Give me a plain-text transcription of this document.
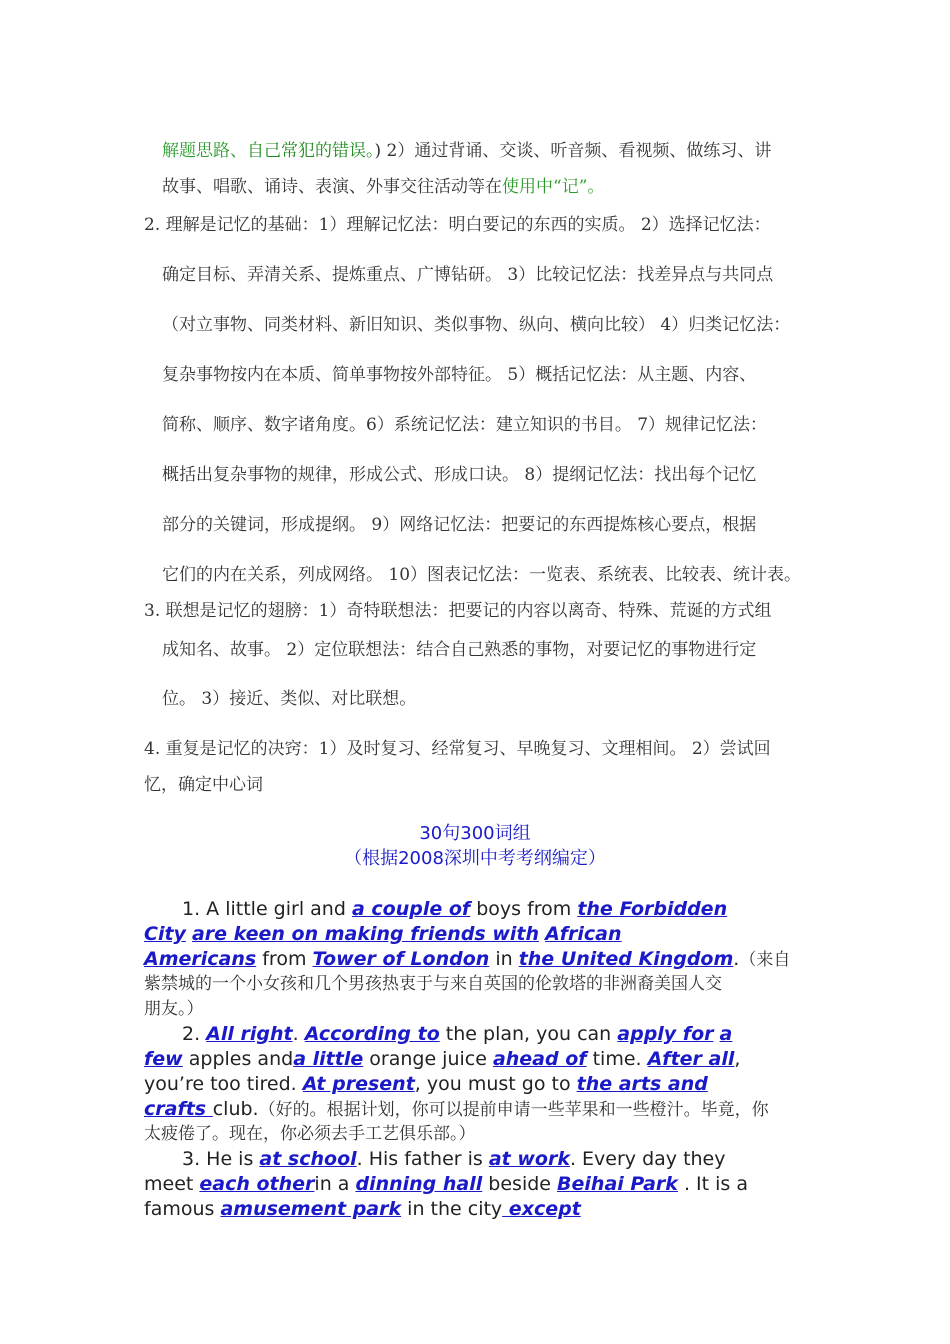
解题思路、自己常犯的错误。) 2）通过背诵、交谈、听音频、看视频、做练习、讲
故事、唱歌、诵诗、表演、外事交往活动等在使用中“记”。
2. 理解是记忆的基础：1）理解记忆法：明白要记的东西的实质。 2）选择记忆法：
确定目标、弄清关系、提炼重点、广博钻研。 3）比较记忆法：找差异点与共同点
（对立事物、同类材料、新旧知识、类似事物、纵向、横向比较） 4）归类记忆法：
复杂事物按内在本质、简单事物按外部特征。 5）概括记忆法：从主题、内容、
简称、顺序、数字诸角度。6）系统记忆法：建立知识的书目。 7）规律记忆法：
概括出复杂事物的规律，形成公式、形成口诀。 8）提纲记忆法：找出每个记忆
部分的关键词，形成提纲。 9）网络记忆法：把要记的东西提炼核心要点，根据
它们的内在关系，列成网络。 10）图表记忆法：一览表、系统表、比较表、统计表。
3. 联想是记忆的翅膀：1）奇特联想法：把要记的内容以离奇、特殊、荒诞的方式组
成知名、故事。 2）定位联想法：结合自己熟悉的事物，对要记忆的事物进行定
位。 3）接近、类似、对比联想。
4. 重复是记忆的决窍：1）及时复习、经常复习、早晚复习、文理相间。 2）尝试回
忆，确定中心词
30句300词组
（根据2008深圳中考考纲编定）
1. A little girl and a couple of boys from the Forbidden
City are keen on making friends with African
Americans from Tower of London in the United Kingdom.（来自
紫禁城的一个小女孩和几个男孩热衷于与来自英国的伦敦塔的非洲裔美国人交
朋友。）
2. All right. According to the plan, you can apply for a
few apples anda little orange juice ahead of time. After all,
you’re too tired. At present, you must go to the arts and
crafts club.（好的。根据计划，你可以提前申请一些苹果和一些橙汁。毕竟，你
太疲倦了。现在，你必须去手工艺俱乐部。）
3. He is at school. His father is at work. Every day they
meet each otherin a dinning hall beside Beihai Park . It is a
famous amusement park in the city except
